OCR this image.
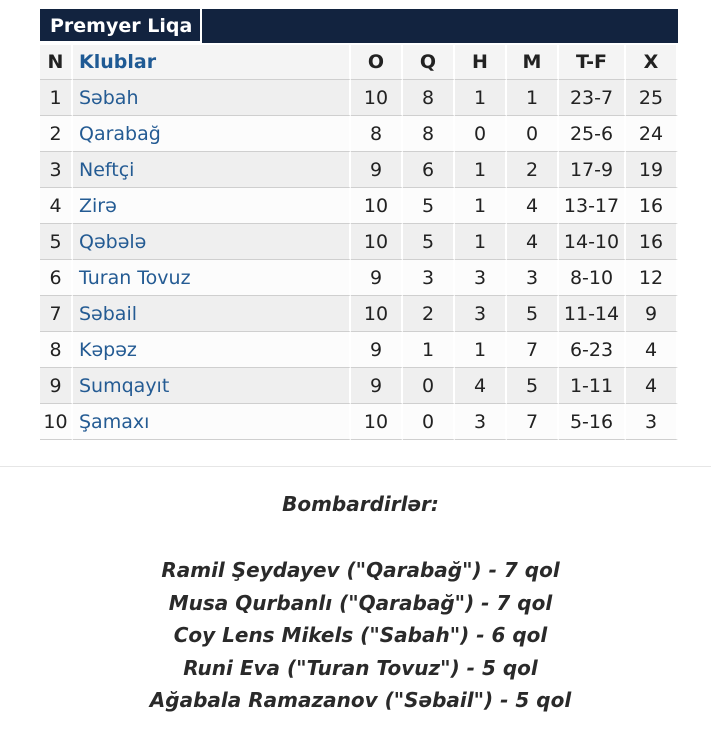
Premyer Liqa
N	Klublar	O	Q	H	M	T-F	X
1	Səbah	10	8	1	1	23-7	25
2	Qarabağ	8	8	0	0	25-6	24
3	Neftçi	9	6	1	2	17-9	19
4	Zirə	10	5	1	4	13-17	16
5	Qəbələ	10	5	1	4	14-10	16
6	Turan Tovuz	9	3	3	3	8-10	12
7	Səbail	10	2	3	5	11-14	9
8	Kəpəz	9	1	1	7	6-23	4
9	Sumqayıt	9	0	4	5	1-11	4
10	Şamaxı	10	0	3	7	5-16	3
Bombardirlər:
Ramil Şeydayev ("Qarabağ") - 7 qol
Musa Qurbanlı ("Qarabağ") - 7 qol
Coy Lens Mikels ("Sabah") - 6 qol
Runi Eva ("Turan Tovuz") - 5 qol
Ağabala Ramazanov ("Səbail") - 5 qol
